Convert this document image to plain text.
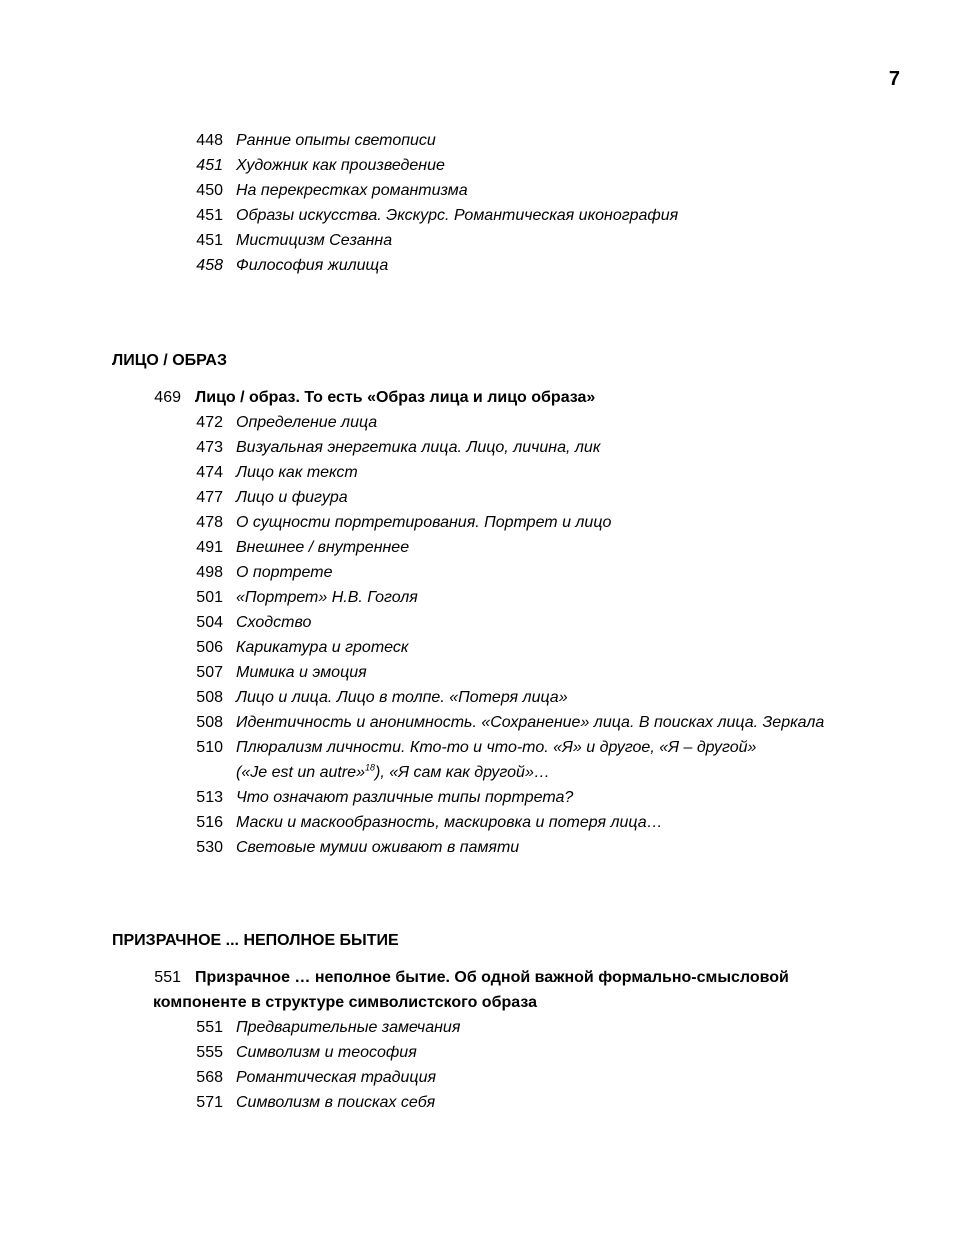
7
448 Ранние опыты светописи
451 Художник как произведение
450 На перекрестках романтизма
451 Образы искусства. Экскурс. Романтическая иконография
451 Мистицизм Сезанна
458 Философия жилища
ЛИЦО / ОБРАЗ
469 Лицо / образ. То есть «Образ лица и лицо образа»
472 Определение лица
473 Визуальная энергетика лица. Лицо, личина, лик
474 Лицо как текст
477 Лицо и фигура
478 О сущности портретирования. Портрет и лицо
491 Внешнее / внутреннее
498 О портрете
501 «Портрет» Н.В. Гоголя
504 Сходство
506 Карикатура и гротеск
507 Мимика и эмоция
508 Лицо и лица. Лицо в толпе. «Потеря лица»
508 Идентичность и анонимность. «Сохранение» лица. В поисках лица. Зеркала
510 Плюрализм личности. Кто-то и что-то. «Я» и другое, «Я – другой»
(«Je est un autre»$^{18}$), «Я сам как другой»…
513 Что означают различные типы портрета?
516 Маски и маскообразность, маскировка и потеря лица…
530 Световые мумии оживают в памяти
ПРИЗРАЧНОЕ ... НЕПОЛНОЕ БЫТИЕ
551 Призрачное … неполное бытие. Об одной важной формально-смысловой
компоненте в структуре символистского образа
551 Предварительные замечания
555 Символизм и теософия
568 Романтическая традиция
571 Символизм в поисках себя
